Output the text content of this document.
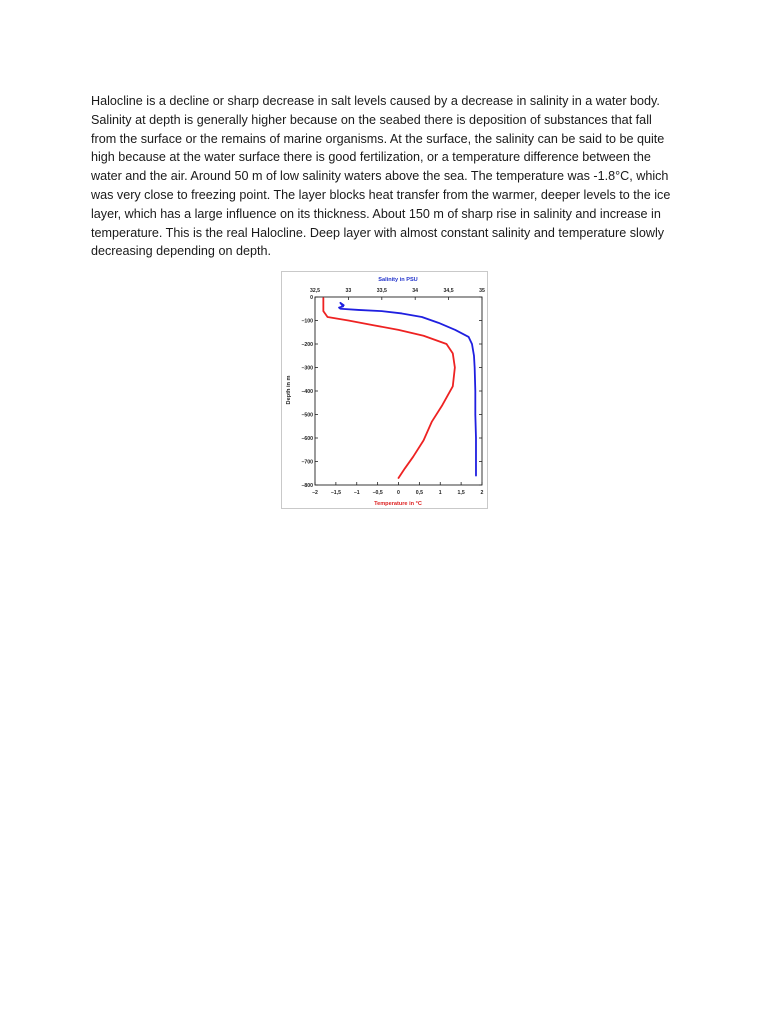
Halocline is a decline or sharp decrease in salt levels caused by a decrease in salinity in a water body.
Salinity at depth is generally higher because on the seabed there is deposition of substances that fall
from the surface or the remains of marine organisms. At the surface, the salinity can be said to be quite
high because at the water surface there is good fertilization, or a temperature difference between the
water and the air. Around 50 m of low salinity waters above the sea. The temperature was -1.8°C, which
was very close to freezing point. The layer blocks heat transfer from the warmer, deeper levels to the ice
layer, which has a large influence on its thickness. About 150 m of sharp rise in salinity and increase in
temperature. This is the real Halocline. Deep layer with almost constant salinity and temperature slowly
decreasing depending on depth.
Salinity in PSU
Temperature in °C
Depth in m
0
−100
−200
−300
−400
−500
−600
−700
−800
32,5	33	33,5	34	34,5	35
−2 −1,5 −1 −0,5	0	0,5	1	1,5	2
